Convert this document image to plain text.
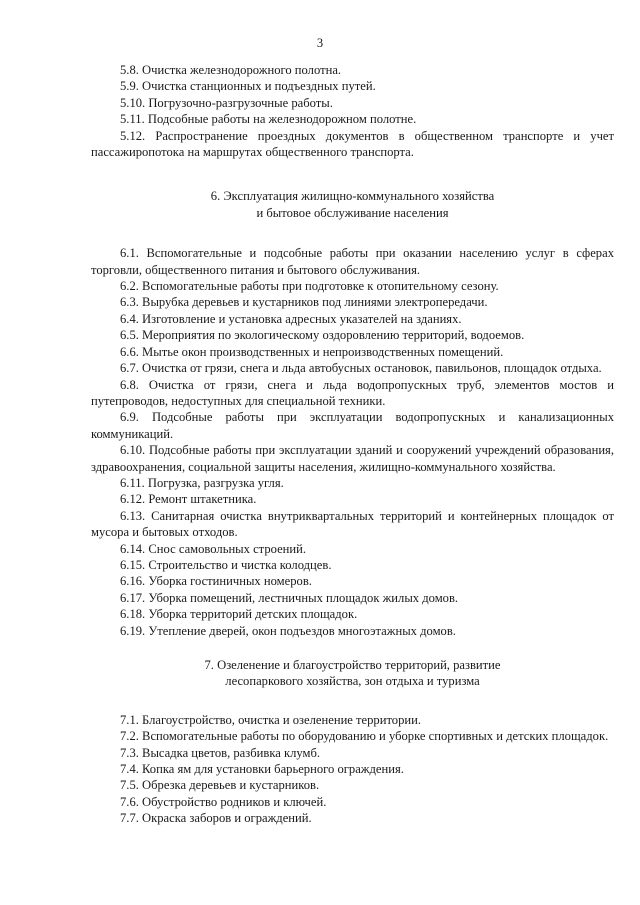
3

5.8. Очистка железнодорожного полотна.

5.9. Очистка станционных и подъездных путей.

5.10. Погрузочно-разгрузочные работы.

5.11. Подсобные работы на железнодорожном полотне.

5.12. Распространение проездных документов в общественном транспорте и учет пассажиропотока на маршрутах общественного транспорта.

6. Эксплуатация жилищно-коммунального хозяйства
и бытовое обслуживание населения

6.1. Вспомогательные и подсобные работы при оказании населению услуг в сферах торговли, общественного питания и бытового обслуживания.

6.2. Вспомогательные работы при подготовке к отопительному сезону.

6.3. Вырубка деревьев и кустарников под линиями электропередачи.

6.4. Изготовление и установка адресных указателей на зданиях.

6.5. Мероприятия по экологическому оздоровлению территорий, водоемов.

6.6. Мытье окон производственных и непроизводственных помещений.

6.7. Очистка от грязи, снега и льда автобусных остановок, павильонов, площадок отдыха.

6.8. Очистка от грязи, снега и льда водопропускных труб, элементов мостов и путепроводов, недоступных для специальной техники.

6.9. Подсобные работы при эксплуатации водопропускных и канализационных коммуникаций.

6.10. Подсобные работы при эксплуатации зданий и сооружений учреждений образования, здравоохранения, социальной защиты населения, жилищно-коммунального хозяйства.

6.11. Погрузка, разгрузка угля.

6.12. Ремонт штакетника.

6.13. Санитарная очистка внутриквартальных территорий и контейнерных площадок от мусора и бытовых отходов.

6.14. Снос самовольных строений.

6.15. Строительство и чистка колодцев.

6.16. Уборка гостиничных номеров.

6.17. Уборка помещений, лестничных площадок жилых домов.

6.18. Уборка территорий детских площадок.

6.19. Утепление дверей, окон подъездов многоэтажных домов.

7. Озеленение и благоустройство территорий, развитие
лесопаркового хозяйства, зон отдыха и туризма

7.1. Благоустройство, очистка и озеленение территории.

7.2. Вспомогательные работы по оборудованию и уборке спортивных и детских площадок.

7.3. Высадка цветов, разбивка клумб.

7.4. Копка ям для установки барьерного ограждения.

7.5. Обрезка деревьев и кустарников.

7.6. Обустройство родников и ключей.

7.7. Окраска заборов и ограждений.
